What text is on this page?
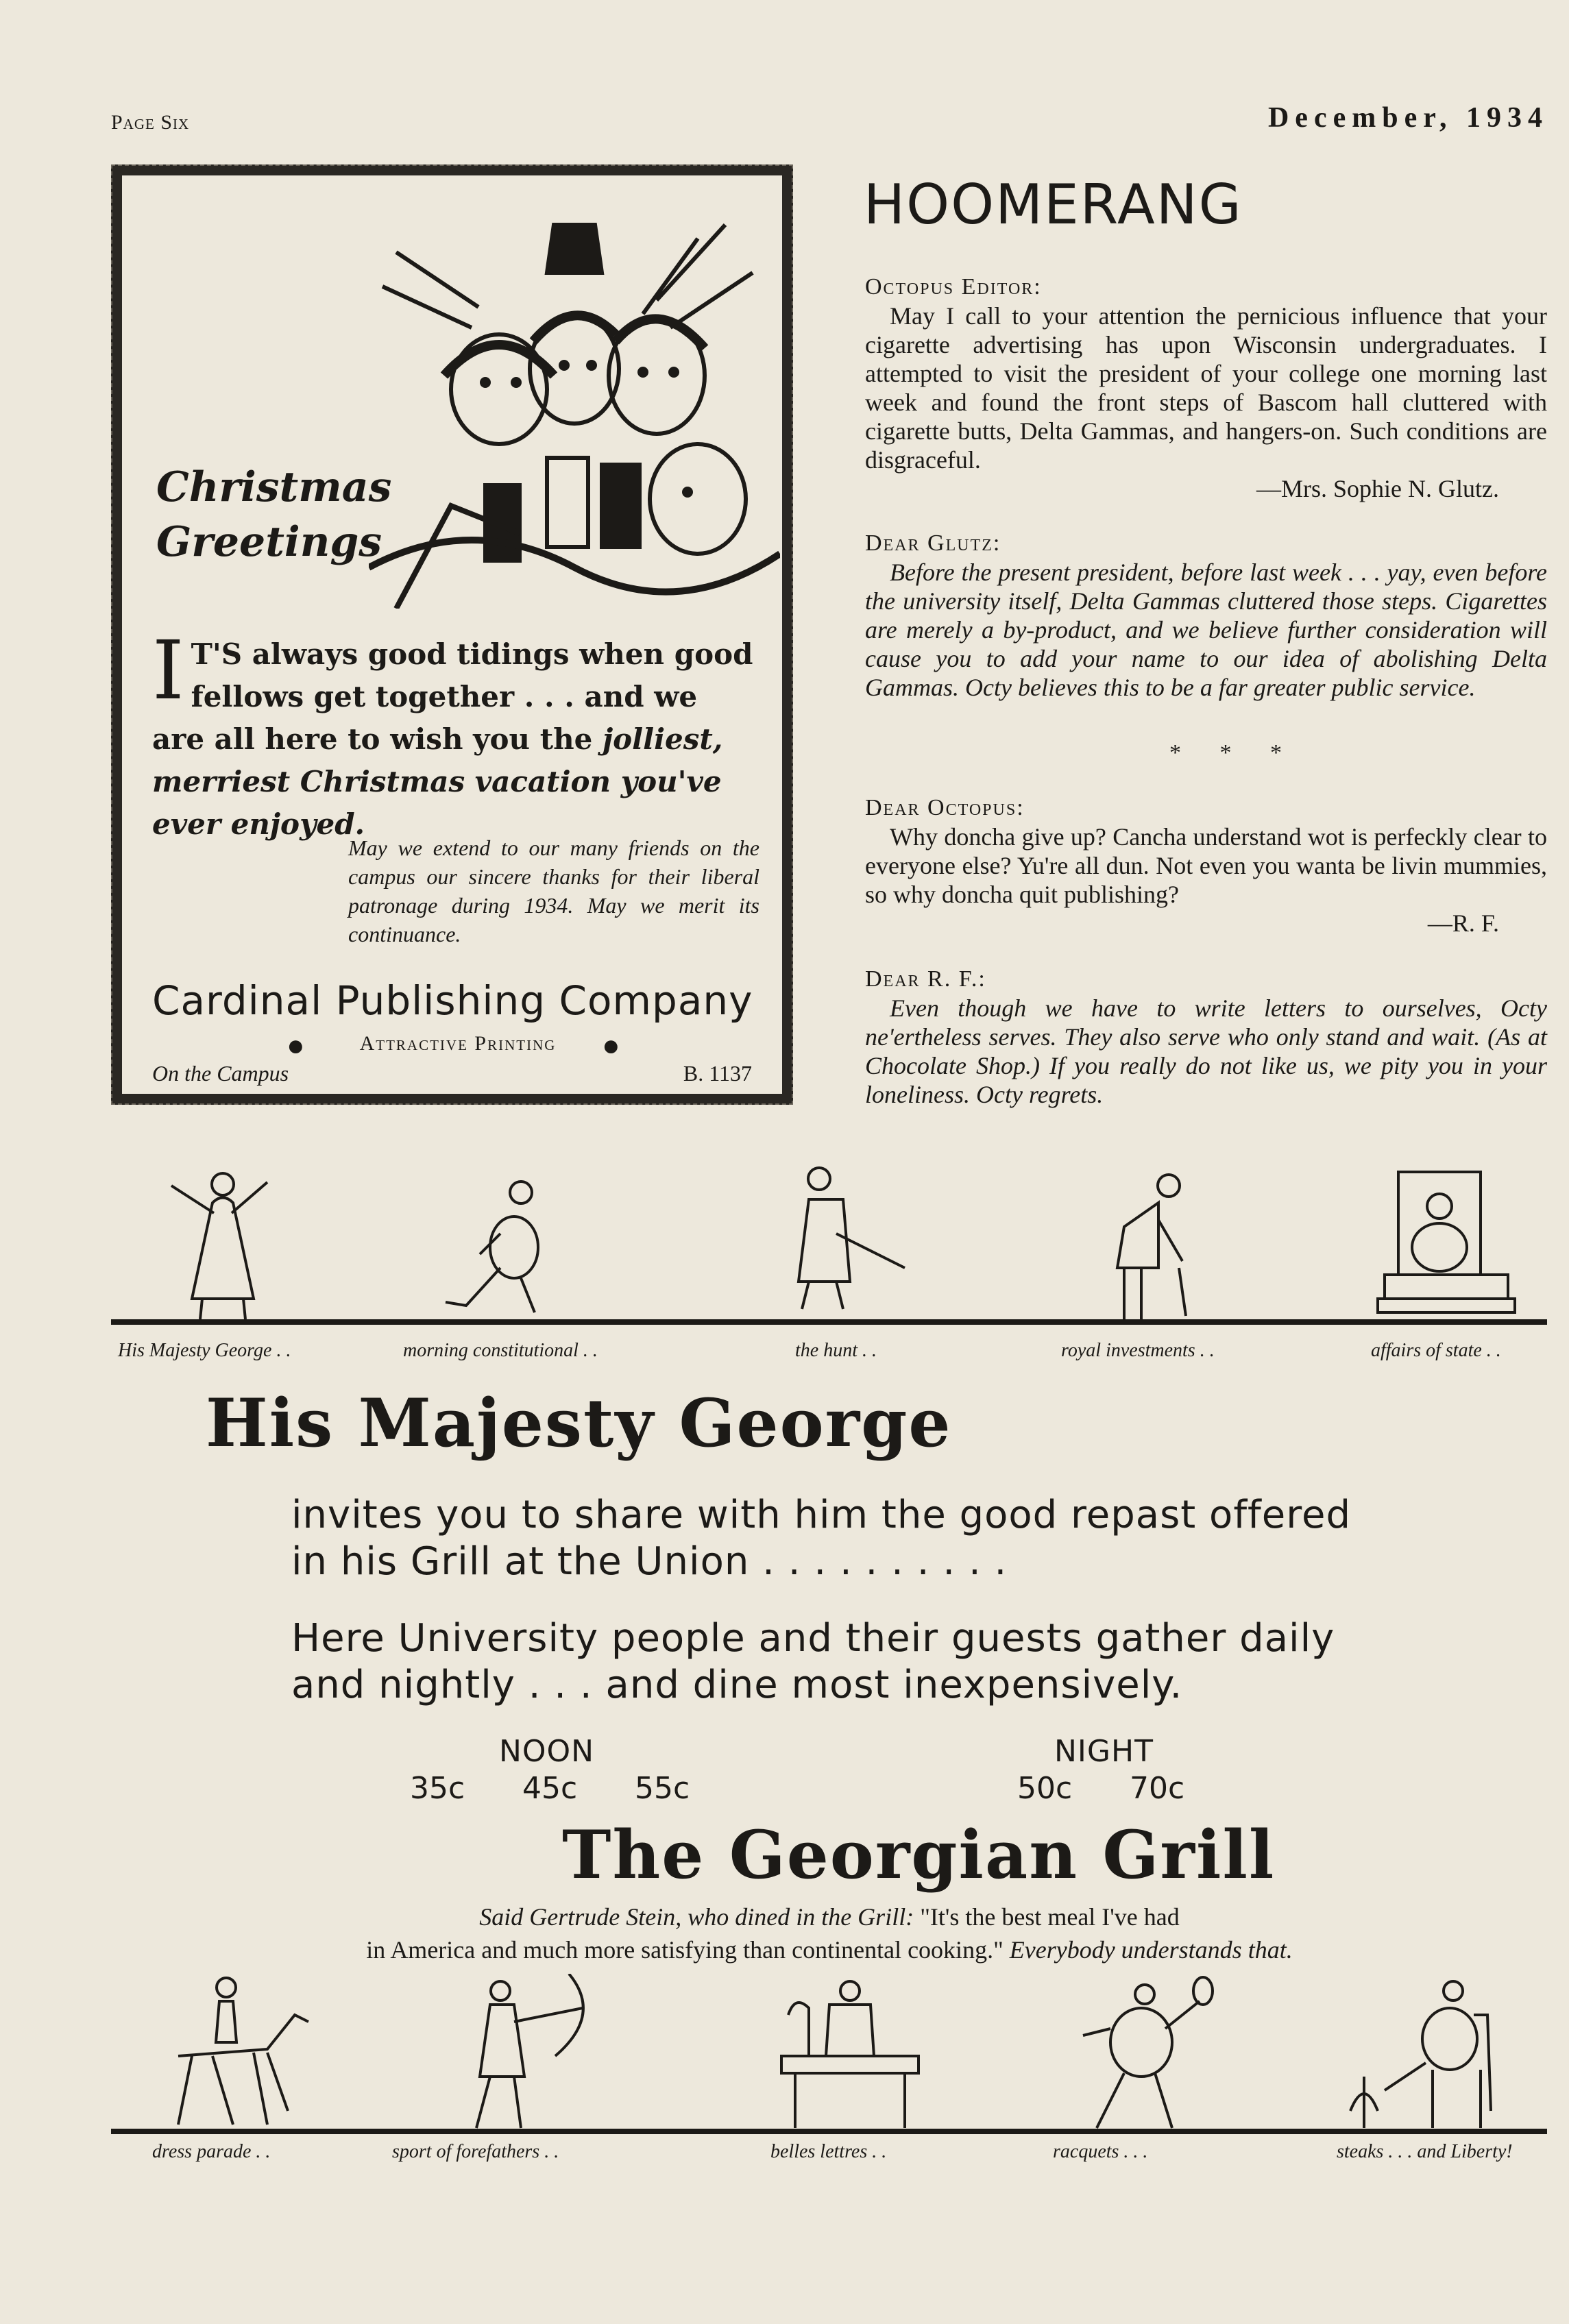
Page Six	December, 1934
Christmas
Greetings
I T'S always good tidings when good fellows get together . . . and we are all here to wish you the jolliest, merriest Christmas vacation you've ever enjoyed.
May we extend to our many friends on the campus our sincere thanks for their liberal patronage during 1934. May we merit its continuance.
Cardinal Publishing Company
●	Attractive Printing	●
On the Campus	B. 1137
HOOMERANG
Octopus Editor:
May I call to your attention the pernicious influence that your cigarette advertising has upon Wisconsin undergraduates. I attempted to visit the president of your college one morning last week and found the front steps of Bascom hall cluttered with cigarette butts, Delta Gammas, and hangers-on. Such conditions are disgraceful.
—Mrs. Sophie N. Glutz.
Dear Glutz:
Before the present president, before last week . . . yay, even before the university itself, Delta Gammas cluttered those steps. Cigarettes are merely a by-product, and we believe further consideration will cause you to add your name to our idea of abolishing Delta Gammas. Octy believes this to be a far greater public service.
* * *
Dear Octopus:
Why doncha give up? Cancha understand wot is perfeckly clear to everyone else? Yu're all dun. Not even you wanta be livin mummies, so why doncha quit publishing?
—R. F.
Dear R. F.:
Even though we have to write letters to ourselves, Octy ne'ertheless serves. They also serve who only stand and wait. (As at Chocolate Shop.) If you really do not like us, we pity you in your loneliness. Octy regrets.
His Majesty George . .	morning constitutional . .	the hunt . .	royal investments . .	affairs of state . .
His Majesty George
invites you to share with him the good repast offered
in his Grill at the Union . . . . . . . . . .
Here University people and their guests gather daily
and nightly . . . and dine most inexpensively.
NOON
35c 45c 55c
NIGHT
50c 70c
The Georgian Grill
Said Gertrude Stein, who dined in the Grill: "It's the best meal I've had
in America and much more satisfying than continental cooking." Everybody understands that.
dress parade . .	sport of forefathers . .	belles lettres . .	racquets . . .	steaks . . . and Liberty!
